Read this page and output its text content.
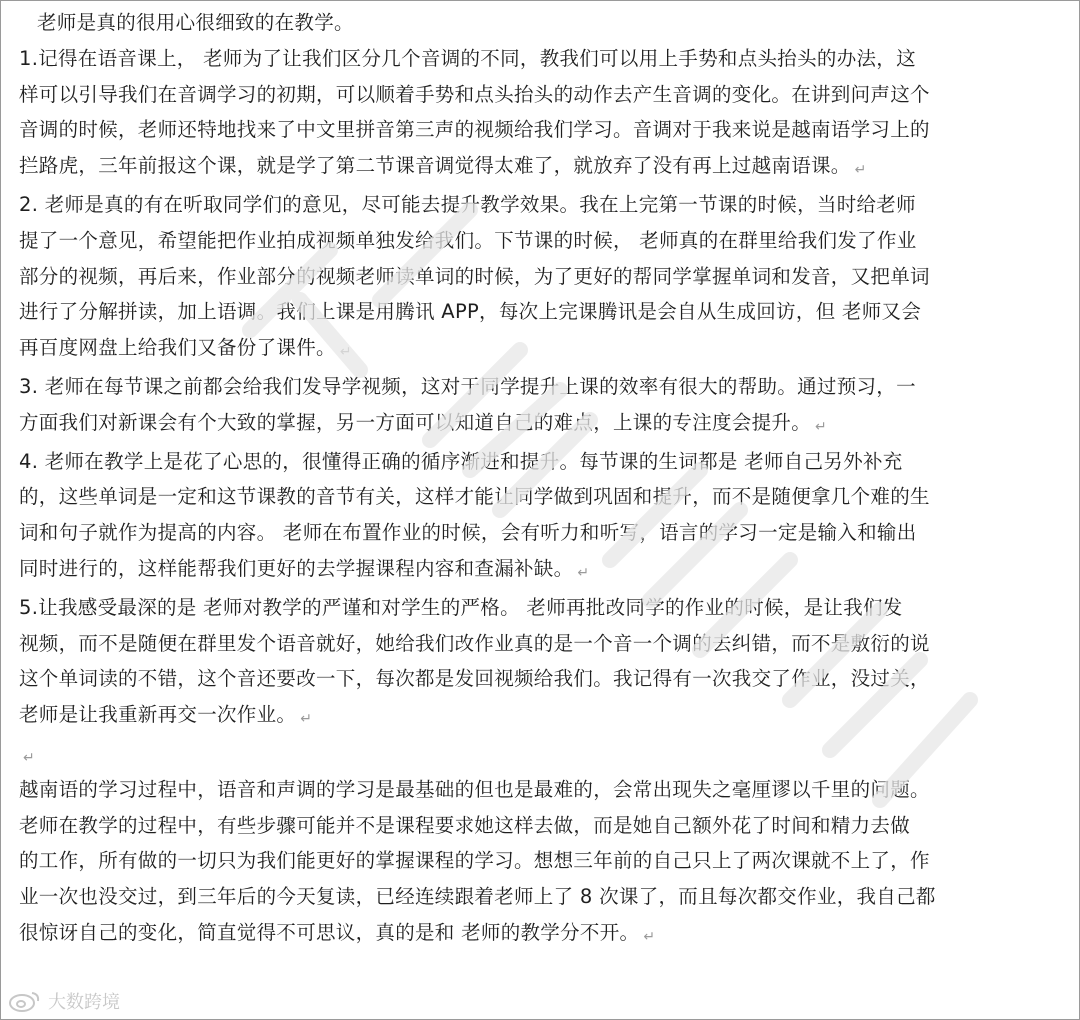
老师是真的很用心很细致的在教学。
1.记得在语音课上， 老师为了让我们区分几个音调的不同，教我们可以用上手势和点头抬头的办法，这
样可以引导我们在音调学习的初期，可以顺着手势和点头抬头的动作去产生音调的变化。在讲到问声这个
音调的时候，老师还特地找来了中文里拼音第三声的视频给我们学习。音调对于我来说是越南语学习上的
拦路虎，三年前报这个课，就是学了第二节课音调觉得太难了，就放弃了没有再上过越南语课。 ↵
2. 老师是真的有在听取同学们的意见，尽可能去提升教学效果。我在上完第一节课的时候，当时给老师
提了一个意见，希望能把作业拍成视频单独发给我们。下节课的时候， 老师真的在群里给我们发了作业
部分的视频，再后来，作业部分的视频老师读单词的时候，为了更好的帮同学掌握单词和发音，又把单词
进行了分解拼读，加上语调。我们上课是用腾讯 APP，每次上完课腾讯是会自从生成回访，但 老师又会
再百度网盘上给我们又备份了课件。 ↵
3. 老师在每节课之前都会给我们发导学视频，这对于同学提升上课的效率有很大的帮助。通过预习，一
方面我们对新课会有个大致的掌握，另一方面可以知道自己的难点，上课的专注度会提升。 ↵
4. 老师在教学上是花了心思的，很懂得正确的循序渐进和提升。每节课的生词都是 老师自己另外补充
的，这些单词是一定和这节课教的音节有关，这样才能让同学做到巩固和提升，而不是随便拿几个难的生
词和句子就作为提高的内容。 老师在布置作业的时候，会有听力和听写，语言的学习一定是输入和输出
同时进行的，这样能帮我们更好的去学握课程内容和查漏补缺。 ↵
5.让我感受最深的是 老师对教学的严谨和对学生的严格。 老师再批改同学的作业的时候，是让我们发
视频，而不是随便在群里发个语音就好，她给我们改作业真的是一个音一个调的去纠错，而不是敷衍的说
这个单词读的不错，这个音还要改一下，每次都是发回视频给我们。我记得有一次我交了作业，没过关，
老师是让我重新再交一次作业。 ↵
↵
越南语的学习过程中，语音和声调的学习是最基础的但也是最难的，会常出现失之毫厘谬以千里的问题。
老师在教学的过程中，有些步骤可能并不是课程要求她这样去做，而是她自己额外花了时间和精力去做
的工作，所有做的一切只为我们能更好的掌握课程的学习。想想三年前的自己只上了两次课就不上了，作
业一次也没交过，到三年后的今天复读，已经连续跟着老师上了 8 次课了，而且每次都交作业，我自己都
很惊讶自己的变化，简直觉得不可思议，真的是和 老师的教学分不开。 ↵
大数跨境
